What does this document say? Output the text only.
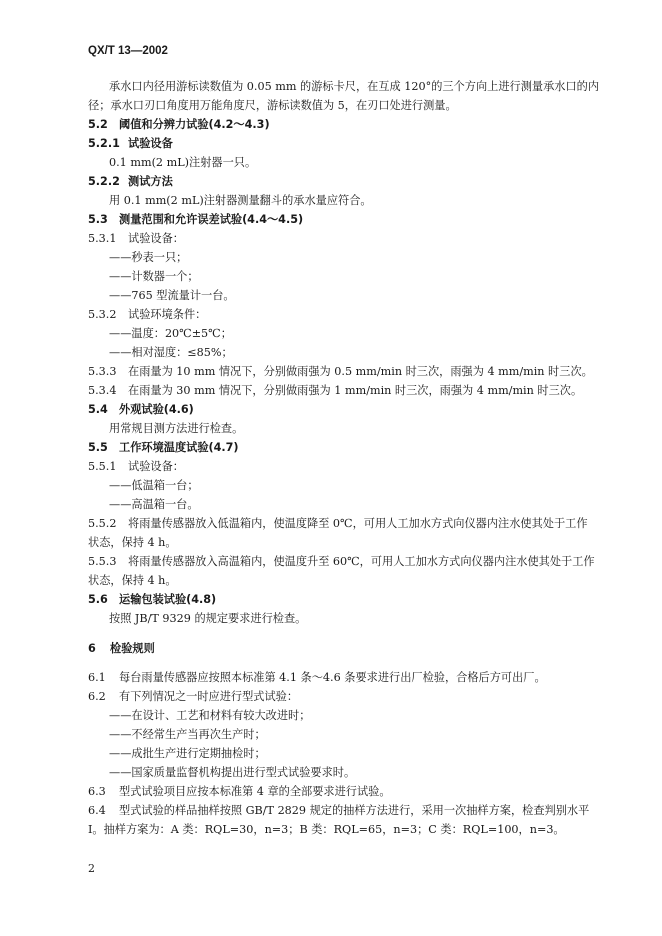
QX/T 13—2002
承水口内径用游标读数值为 0.05 mm 的游标卡尺，在互成 120°的三个方向上进行测量承水口的内
径；承水口刃口角度用万能角度尺，游标读数值为 5，在刃口处进行测量。
5.2 阈值和分辨力试验(4.2～4.3)
5.2.1 试验设备
0.1 mm(2 mL)注射器一只。
5.2.2 测试方法
用 0.1 mm(2 mL)注射器测量翻斗的承水量应符合。
5.3 测量范围和允许误差试验(4.4～4.5)
5.3.1 试验设备：
——秒表一只；
——计数器一个；
——765 型流量计一台。
5.3.2 试验环境条件：
——温度：20℃±5℃；
——相对湿度：≤85%；
5.3.3 在雨量为 10 mm 情况下，分别做雨强为 0.5 mm/min 时三次，雨强为 4 mm/min 时三次。
5.3.4 在雨量为 30 mm 情况下，分别做雨强为 1 mm/min 时三次，雨强为 4 mm/min 时三次。
5.4 外观试验(4.6)
用常规目测方法进行检查。
5.5 工作环境温度试验(4.7)
5.5.1 试验设备：
——低温箱一台；
——高温箱一台。
5.5.2 将雨量传感器放入低温箱内，使温度降至 0℃，可用人工加水方式向仪器内注水使其处于工作
状态，保持 4 h。
5.5.3 将雨量传感器放入高温箱内，使温度升至 60℃，可用人工加水方式向仪器内注水使其处于工作
状态，保持 4 h。
5.6 运输包装试验(4.8)
按照 JB/T 9329 的规定要求进行检查。
6 检验规则
6.1 每台雨量传感器应按照本标准第 4.1 条～4.6 条要求进行出厂检验，合格后方可出厂。
6.2 有下列情况之一时应进行型式试验：
——在设计、工艺和材料有较大改进时；
——不经常生产当再次生产时；
——成批生产进行定期抽检时；
——国家质量监督机构提出进行型式试验要求时。
6.3 型式试验项目应按本标准第 4 章的全部要求进行试验。
6.4 型式试验的样品抽样按照 GB/T 2829 规定的抽样方法进行，采用一次抽样方案，检查判别水平
Ⅰ。抽样方案为：A 类：RQL=30，n=3；B 类：RQL=65，n=3；C 类：RQL=100，n=3。
2
